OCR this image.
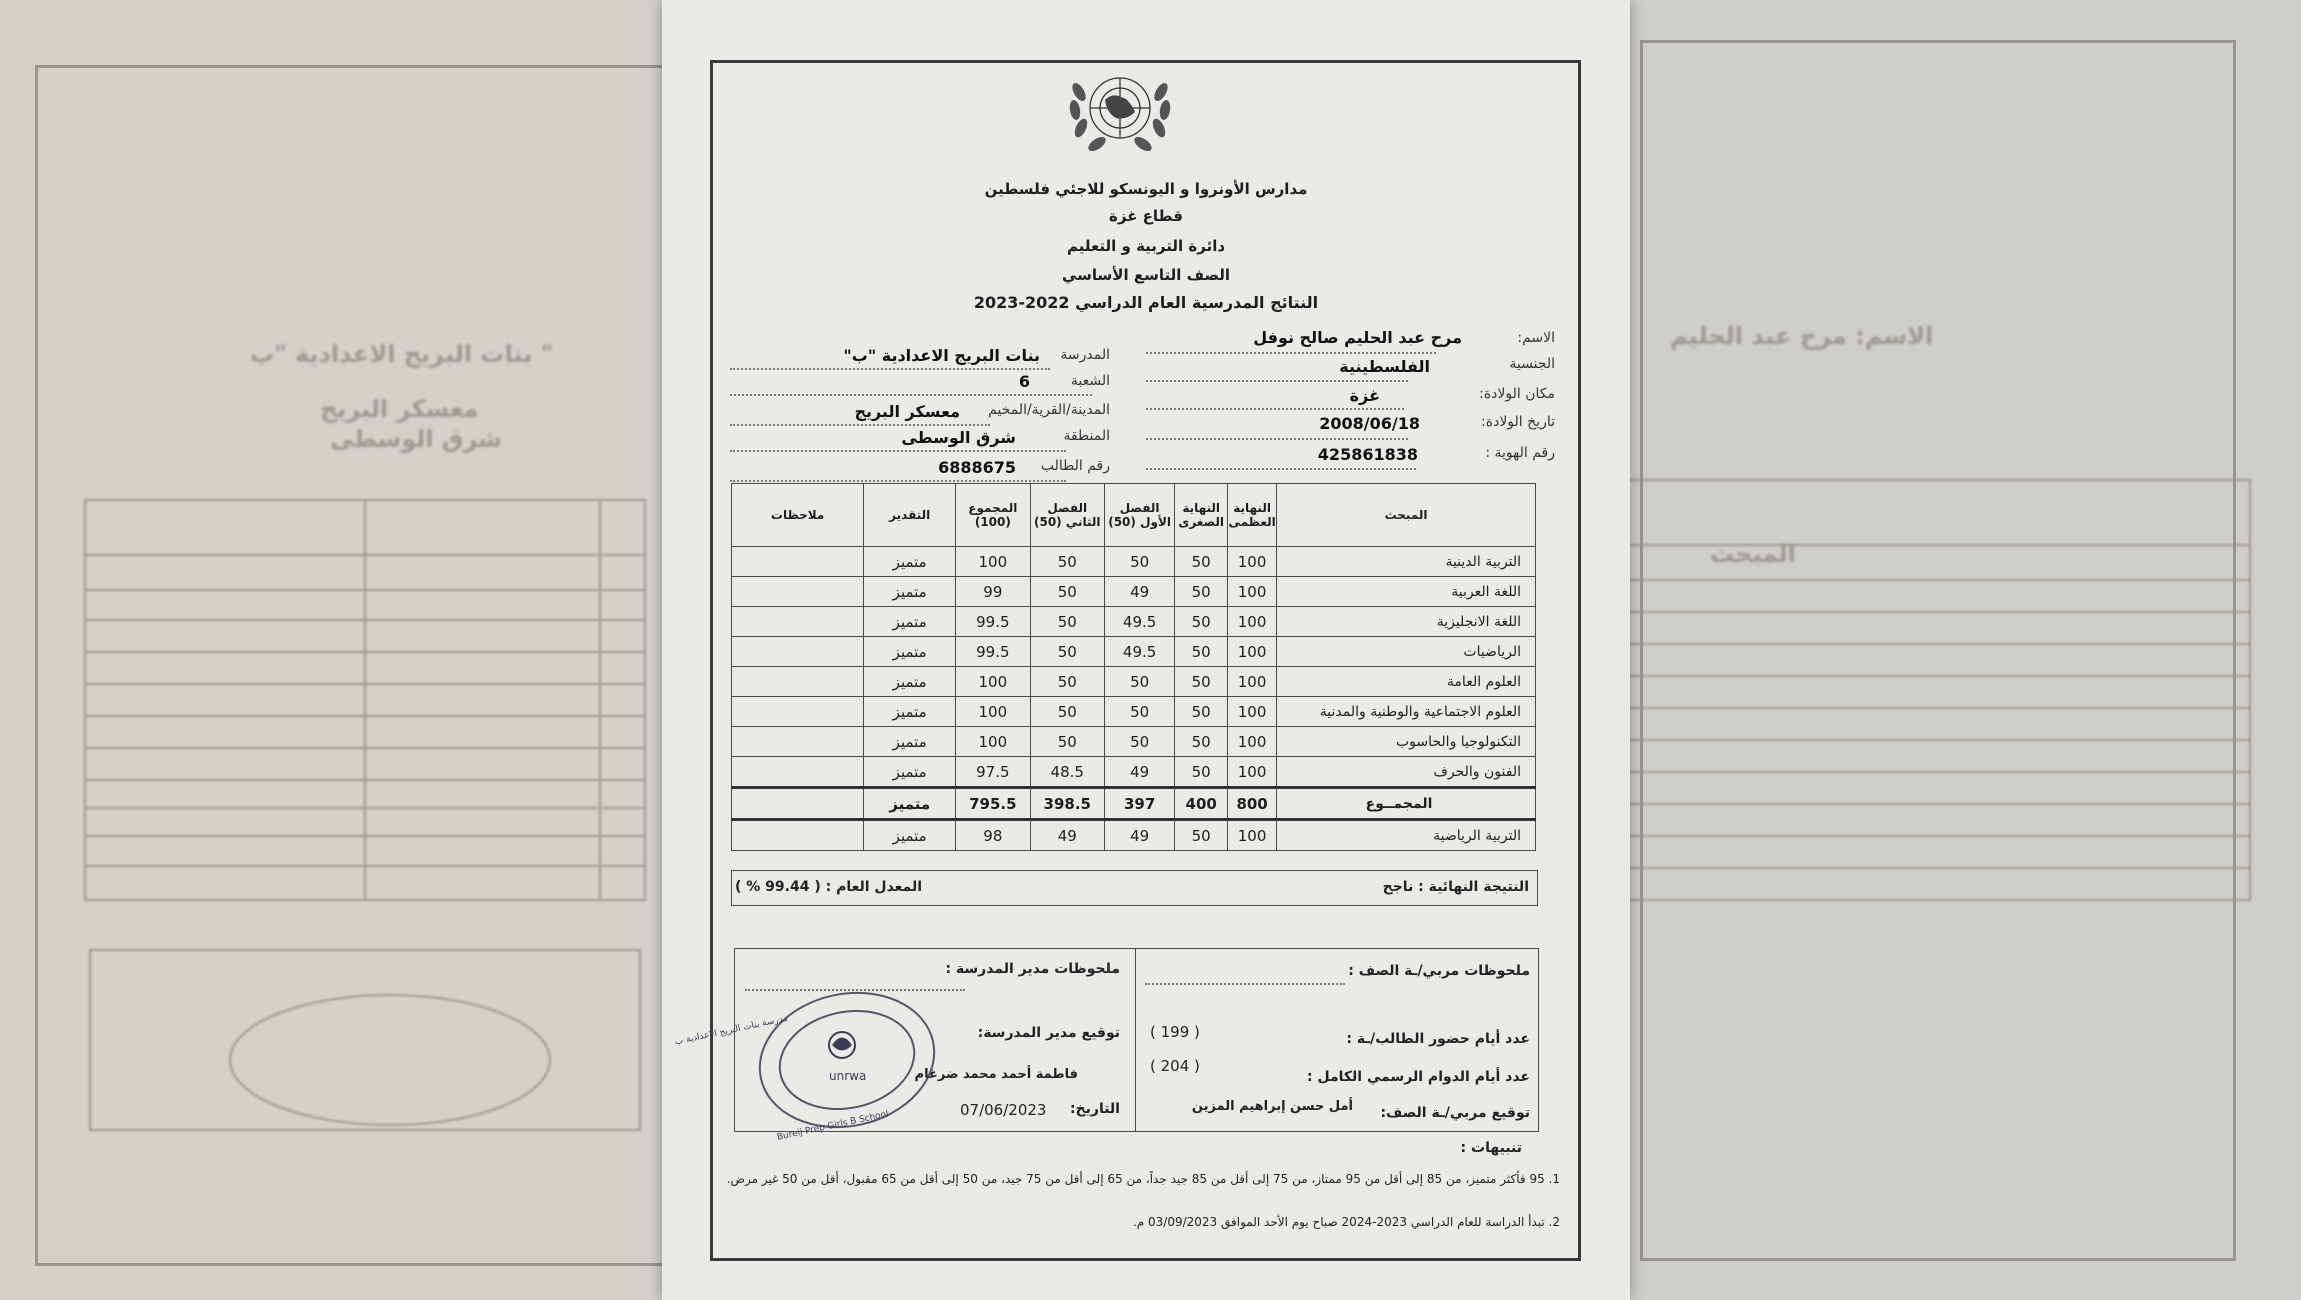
" بنات البريج الاعدادية "ب
معسكر البريج
شرق الوسطى
الاسم: مرح عبد الحليم
المبحث
مدارس الأونروا و اليونسكو للاجئي فلسطين
قطاع غزة
دائرة التربية و التعليم
الصف التاسع الأساسي
النتائج المدرسية العام الدراسي 2022-2023
الاسم:
مرح عبد الحليم صالح نوفل
الجنسية
الفلسطينية
مكان الولادة:
غزة
تاريخ الولادة:
2008/06/18
رقم الهوية :
425861838
المدرسة
بنات البريج الاعدادية "ب"
الشعبة
6
المدينة/القرية/المخيم
معسكر البريج
المنطقة
شرق الوسطى
رقم الطالب
6888675
المبحث	النهاية العظمى	النهاية الصغرى	الفصل الأول (50)	الفصل الثاني (50)	المجموع (100)	التقدير	ملاحظات
التربية الدينية	100	50	50	50	100	متميز	
اللغة العربية	100	50	49	50	99	متميز	
اللغة الانجليزية	100	50	49.5	50	99.5	متميز	
الرياضيات	100	50	49.5	50	99.5	متميز	
العلوم العامة	100	50	50	50	100	متميز	
العلوم الاجتماعية والوطنية والمدنية	100	50	50	50	100	متميز	
التكنولوجيا والحاسوب	100	50	50	50	100	متميز	
الفنون والحرف	100	50	49	48.5	97.5	متميز	
المجمــوع	800	400	397	398.5	795.5	متميز	
التربية الرياضية	100	50	49	49	98	متميز	
النتيجة النهائية : ناجح
المعدل العام : ( 99.44 % )
ملحوظات مربي/ـة الصف :
عدد أيام حضور الطالب/ـة :
( 199 )
عدد أيام الدوام الرسمي الكامل :
( 204 )
توقيع مربي/ـة الصف:
أمل حسن إبراهيم المزين
ملحوظات مدير المدرسة :
توقيع مدير المدرسة:
فاطمة أحمد محمد ضرغام
التاريخ:
07/06/2023
unrwa
Bureij Prep Girls B School
مدرسة بنات البريج الاعدادية ب
تنبيهات :
1. 95 فأكثر متميز، من 85 إلى أقل من 95 ممتاز، من 75 إلى أقل من 85 جيد جداً، من 65 إلى أقل من 75 جيد، من 50 إلى أقل من 65 مقبول، أقل من 50 غير مرض.
2. تبدأ الدراسة للعام الدراسي 2023-2024 صباح يوم الأحد الموافق 03/09/2023 م.
